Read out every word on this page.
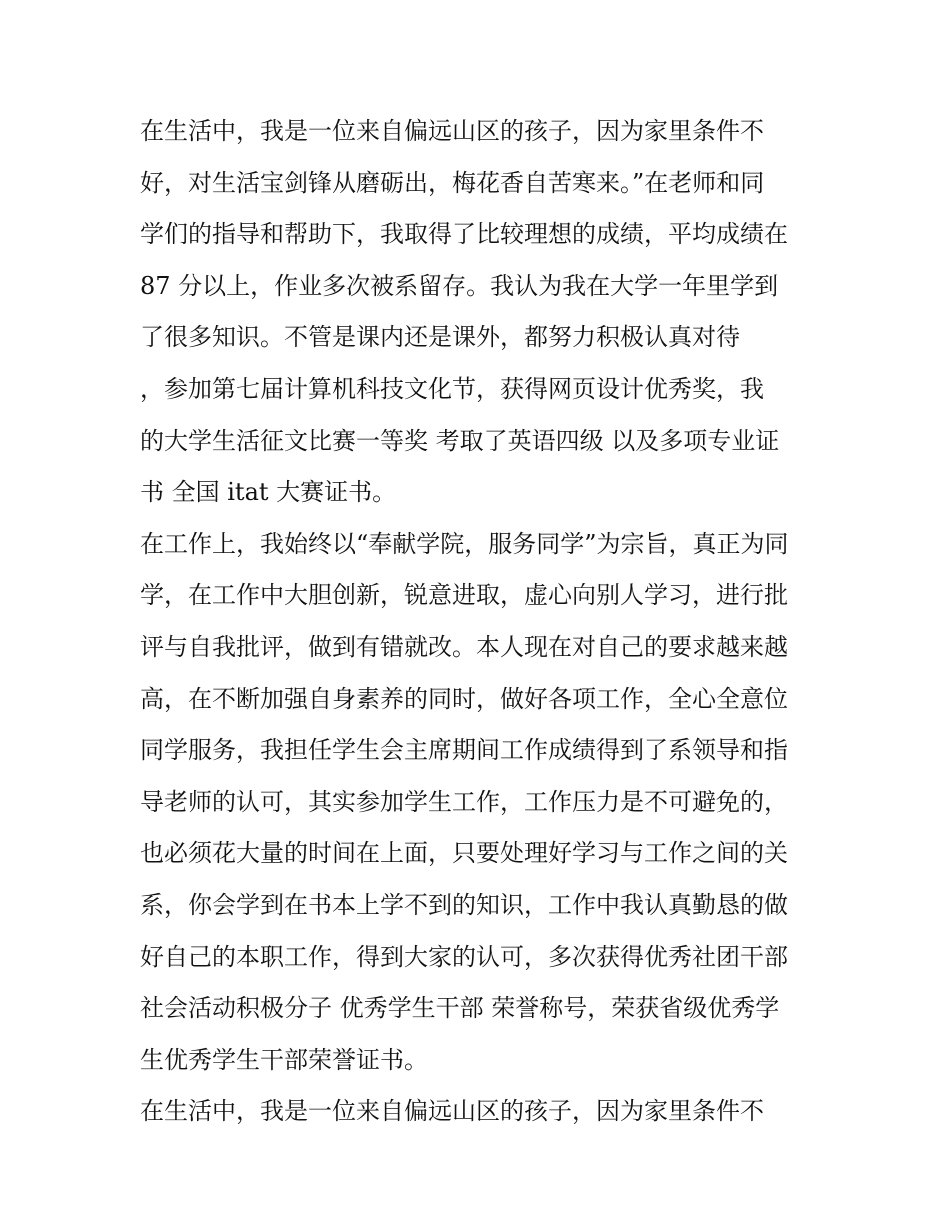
在生活中，我是一位来自偏远山区的孩子，因为家里条件不
好，对生活宝剑锋从磨砺出，梅花香自苦寒来。”在老师和同
学们的指导和帮助下，我取得了比较理想的成绩，平均成绩在
87 分以上，作业多次被系留存。我认为我在大学一年里学到
了很多知识。不管是课内还是课外，都努力积极认真对待
，参加第七届计算机科技文化节，获得网页设计优秀奖，我
的大学生活征文比赛一等奖 考取了英语四级 以及多项专业证
书 全国 itat 大赛证书。
在工作上，我始终以“奉献学院，服务同学”为宗旨，真正为同
学，在工作中大胆创新，锐意进取，虚心向别人学习，进行批
评与自我批评，做到有错就改。本人现在对自己的要求越来越
高，在不断加强自身素养的同时，做好各项工作，全心全意位
同学服务，我担任学生会主席期间工作成绩得到了系领导和指
导老师的认可，其实参加学生工作，工作压力是不可避免的，
也必须花大量的时间在上面，只要处理好学习与工作之间的关
系，你会学到在书本上学不到的知识，工作中我认真勤恳的做
好自己的本职工作，得到大家的认可，多次获得优秀社团干部
社会活动积极分子 优秀学生干部 荣誉称号，荣获省级优秀学
生优秀学生干部荣誉证书。
在生活中，我是一位来自偏远山区的孩子，因为家里条件不
